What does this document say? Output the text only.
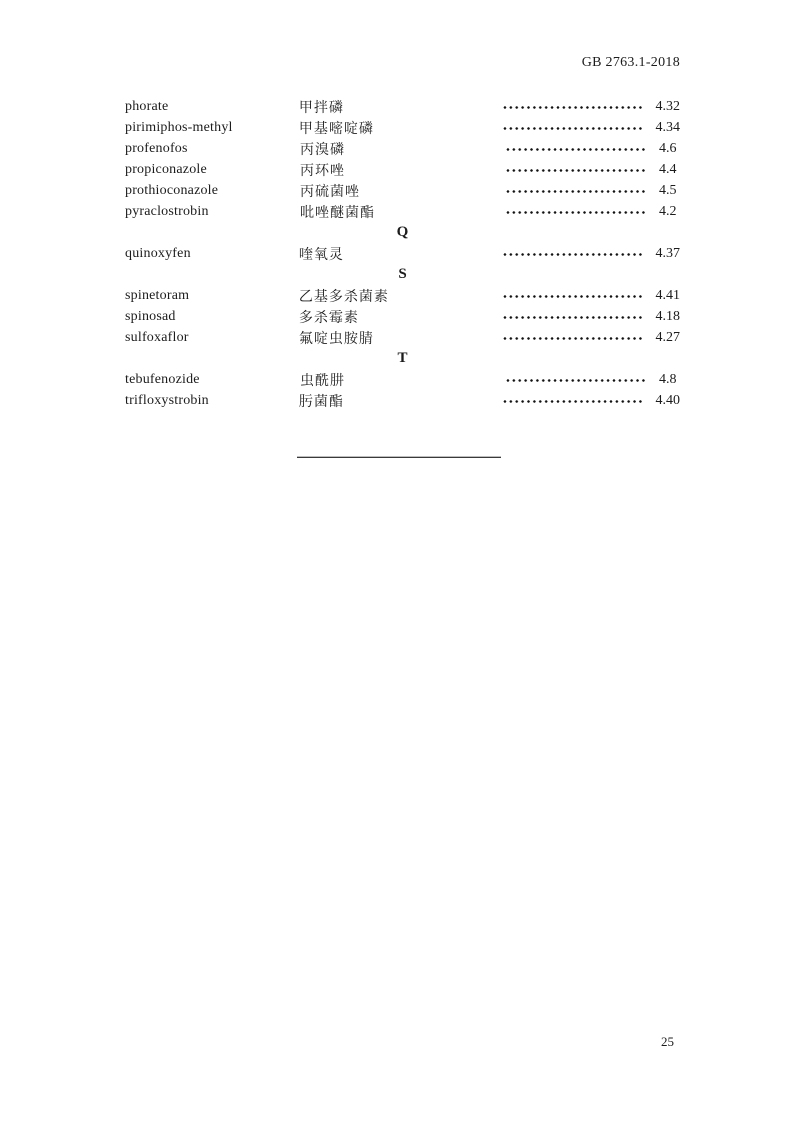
GB 2763.1-2018
phorate	甲拌磷	4.32
pirimiphos-methyl	甲基嘧啶磷	4.34
profenofos	丙溴磷	4.6
propiconazole	丙环唑	4.4
prothioconazole	丙硫菌唑	4.5
pyraclostrobin	吡唑醚菌酯	4.2
Q
quinoxyfen	喹氧灵	4.37
S
spinetoram	乙基多杀菌素	4.41
spinosad	多杀霉素	4.18
sulfoxaflor	氟啶虫胺腈	4.27
T
tebufenozide	虫酰肼	4.8
trifloxystrobin	肟菌酯	4.40
25
